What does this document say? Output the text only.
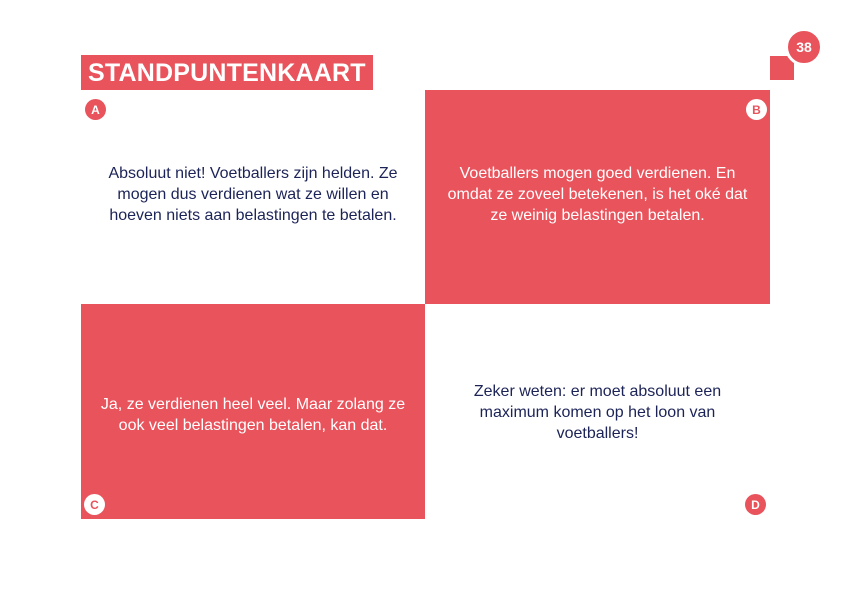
STANDPUNTENKAART
38

Absoluut niet! Voetballers zijn helden. Ze mogen dus verdienen wat ze willen en hoeven niets aan belastingen te betalen.

Voetballers mogen goed verdienen. En omdat ze zoveel betekenen, is het oké dat ze weinig belastingen betalen.

Ja, ze verdienen heel veel. Maar zolang ze ook veel belastingen betalen, kan dat.

Zeker weten: er moet absoluut een maximum komen op het loon van voetballers!

A	B
C	D
